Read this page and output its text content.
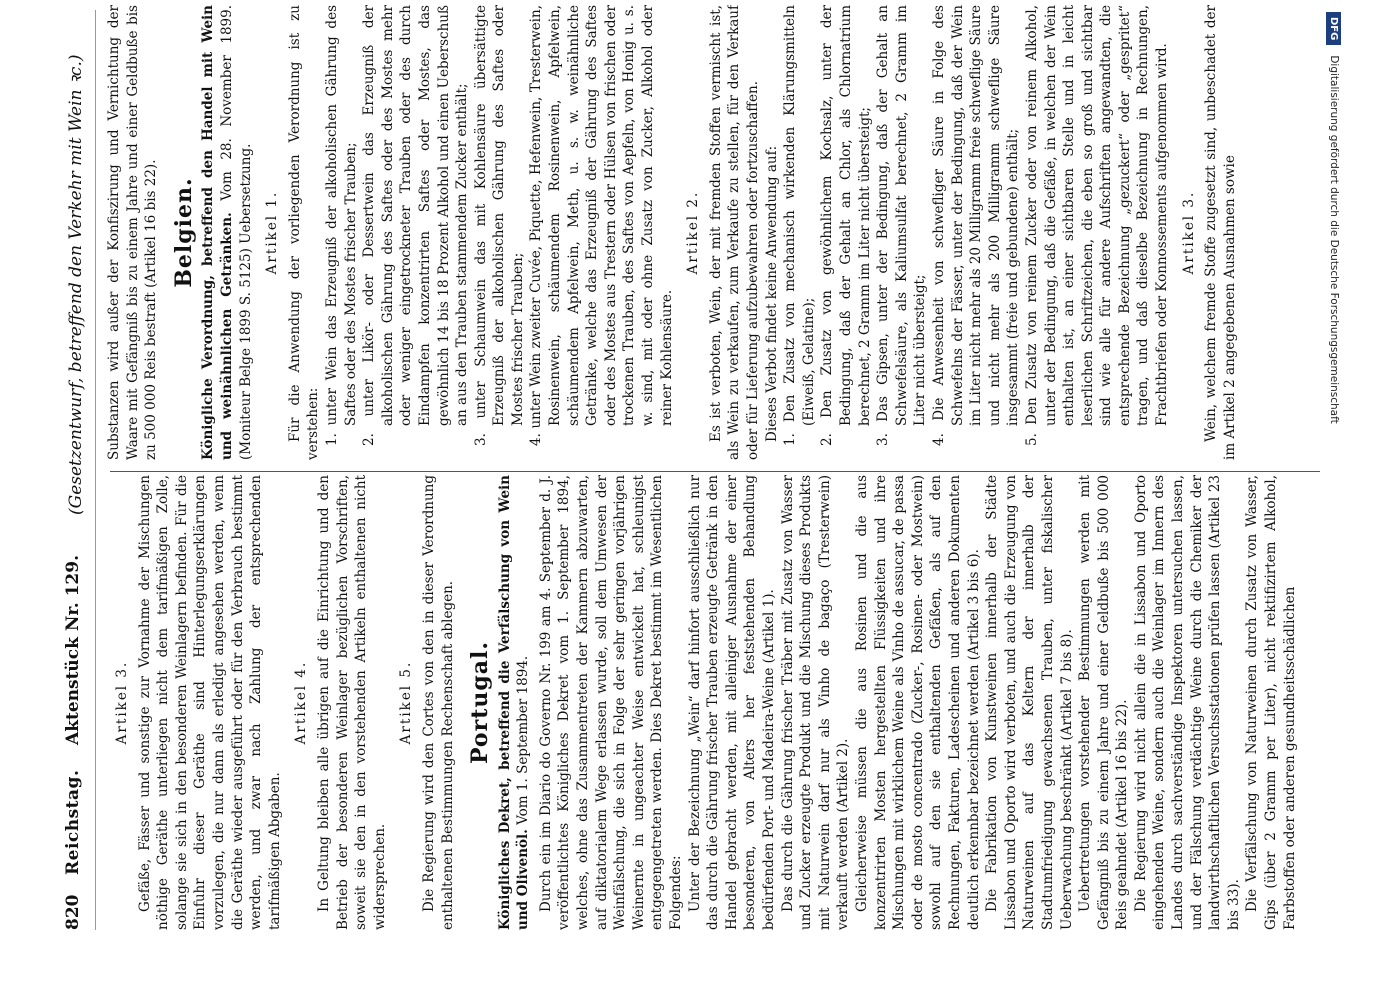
820
Reichstag.
Aktenstück Nr. 129.
(Gesetzentwurf, betreffend den Verkehr mit Wein ꝛc.)
Artikel 3. Gefäße, Fässer und sonstige zur Vornahme der Mischungen nöthige Geräthe unterliegen nicht dem tarifmäßigen Zolle, solange sie sich in den besonderen Weinlagern befinden. Für die Einfuhr dieser Geräthe sind Hinterlegungserklärungen vorzulegen, die nur dann als erledigt angesehen werden, wenn die Geräthe wieder ausgeführt oder für den Verbrauch bestimmt werden, und zwar nach Zahlung der entsprechenden tarifmäßigen Abgaben.

Artikel 4. In Geltung bleiben alle übrigen auf die Einrichtung und den Betrieb der besonderen Weinlager bezüglichen Vorschriften, soweit sie den in den vorstehenden Artikeln enthaltenen nicht widersprechen.

Artikel 5. Die Regierung wird den Cortes von den in dieser Verordnung enthaltenen Bestimmungen Rechenschaft ablegen. Portugal. Königliches Dekret, betreffend die Verfälschung von Wein und Olivenöl. Vom 1. September 1894. Durch ein im Diario do Governo Nr. 199 am 4. September d. J. veröffentlichtes Königliches Dekret vom 1. September 1894, welches, ohne das Zusammentreten der Kammern abzuwarten, auf diktatorialem Wege erlassen wurde, soll dem Umwesen der Weinfälschung, die sich in Folge der sehr geringen vorjährigen Weinernte in ungeachter Weise entwickelt hat, schleunigst entgegengetreten werden. Dies Dekret bestimmt im Wesentlichen Folgendes: Unter der Bezeichnung „Wein“ darf hinfort ausschließlich nur das durch die Gährung frischer Trauben erzeugte Getränk in den Handel gebracht werden, mit alleiniger Ausnahme der einer besonderen, von Alters her feststehenden Behandlung bedürfenden Port- und Madeira-Weine (Artikel 1). Das durch die Gährung frischer Träber mit Zusatz von Wasser und Zucker erzeugte Produkt und die Mischung dieses Produkts mit Naturwein darf nur als Vinho de bagaço (Tresterwein) verkauft werden (Artikel 2). Gleicherweise müssen die aus Rosinen und die aus konzentrirten Mosten hergestellten Flüssigkeiten und ihre Mischungen mit wirklichem Weine als Vinho de assucar, de passa oder de mosto concentrado (Zucker-, Rosinen- oder Mostwein) sowohl auf den sie enthaltenden Gefäßen, als auf den Rechnungen, Fakturen, Ladescheinen und anderen Dokumenten deutlich erkennbar bezeichnet werden (Artikel 3 bis 6). Die Fabrikation von Kunstweinen innerhalb der Städte Lissabon und Oporto wird verboten, und auch die Erzeugung von Naturweinen auf das Keltern der innerhalb der Stadtumfriedigung gewachsenen Trauben, unter fiskalischer Ueberwachung beschränkt (Artikel 7 bis 8). Uebertretungen vorstehender Bestimmungen werden mit Gefängniß bis zu einem Jahre und einer Geldbuße bis 500 000 Reis geahndet (Artikel 16 bis 22). Die Regierung wird nicht allein die in Lissabon und Oporto eingehenden Weine, sondern auch die Weinlager im Innern des Landes durch sachverständige Inspektoren untersuchen lassen, und der Fälschung verdächtige Weine durch die Chemiker der landwirthschaftlichen Versuchsstationen prüfen lassen (Artikel 23 bis 33). Die Verfälschung von Naturweinen durch Zusatz von Wasser, Gips (über 2 Gramm per Liter), nicht rektifizirtem Alkohol, Farbstoffen oder anderen gesundheitsschädlichen

Substanzen wird außer der Konfiszirung und Vernichtung der Waare mit Gefängniß bis zu einem Jahre und einer Geldbuße bis zu 500 000 Reis bestraft (Artikel 16 bis 22). Belgien. Königliche Verordnung, betreffend den Handel mit Wein und weinähnlichen Getränken. Vom 28. November 1899. (Moniteur Belge 1899 S. 5125) Uebersetzung. Artikel 1. Für die Anwendung der vorliegenden Verordnung ist zu verstehen: 1. unter Wein das Erzeugniß der alkoholischen Gährung des Saftes oder des Mostes frischer Trauben; 2. unter Likör- oder Dessertwein das Erzeugniß der alkoholischen Gährung des Saftes oder des Mostes mehr oder weniger eingetrockneter Trauben oder des durch Eindampfen konzentrirten Saftes oder Mostes, das gewöhnlich 14 bis 18 Prozent Alkohol und einen Ueberschuß an aus den Trauben stammendem Zucker enthält; 3. unter Schaumwein das mit Kohlensäure übersättigte Erzeugniß der alkoholischen Gährung des Saftes oder Mostes frischer Trauben; 4. unter Wein zweiter Cuvée, Piquette, Hefenwein, Tresterwein, Rosinenwein, schäumendem Rosinenwein, Apfelwein, schäumendem Apfelwein, Meth, u. s. w. weinähnliche Getränke, welche das Erzeugniß der Gährung des Saftes oder des Mostes aus Trestern oder Hülsen von frischen oder trockenen Trauben, des Saftes von Aepfeln, von Honig u. s. w. sind, mit oder ohne Zusatz von Zucker, Alkohol oder reiner Kohlensäure.

Artikel 2. Es ist verboten, Wein, der mit fremden Stoffen vermischt ist, als Wein zu verkaufen, zum Verkaufe zu stellen, für den Verkauf oder für Lieferung aufzubewahren oder fortzuschaffen. Dieses Verbot findet keine Anwendung auf: 1. Den Zusatz von mechanisch wirkenden Klärungsmitteln (Eiweiß, Gelatine); 2. Den Zusatz von gewöhnlichem Kochsalz, unter der Bedingung, daß der Gehalt an Chlor, als Chlornatrium berechnet, 2 Gramm im Liter nicht übersteigt; 3. Das Gipsen, unter der Bedingung, daß der Gehalt an Schwefelsäure, als Kaliumsulfat berechnet, 2 Gramm im Liter nicht übersteigt; 4. Die Anwesenheit von schwefliger Säure in Folge des Schwefelns der Fässer, unter der Bedingung, daß der Wein im Liter nicht mehr als 20 Milligramm freie schweflige Säure und nicht mehr als 200 Milligramm schweflige Säure insgesammt (freie und gebundene) enthält; 5. Den Zusatz von reinem Zucker oder von reinem Alkohol, unter der Bedingung, daß die Gefäße, in welchen der Wein enthalten ist, an einer sichtbaren Stelle und in leicht leserlichen Schriftzeichen, die eben so groß und sichtbar sind wie alle für andere Aufschriften angewandten, die entsprechende Bezeichnung „gezuckert“ oder „gespritet“ tragen, und daß dieselbe Bezeichnung in Rechnungen, Frachtbriefen oder Konnossements aufgenommen wird. Artikel 3. Wein, welchem fremde Stoffe zugesetzt sind, unbeschadet der im Artikel 2 angegebenen Ausnahmen sowie

DFG
Digitalisierung gefördert durch die Deutsche Forschungsgemeinschaft
